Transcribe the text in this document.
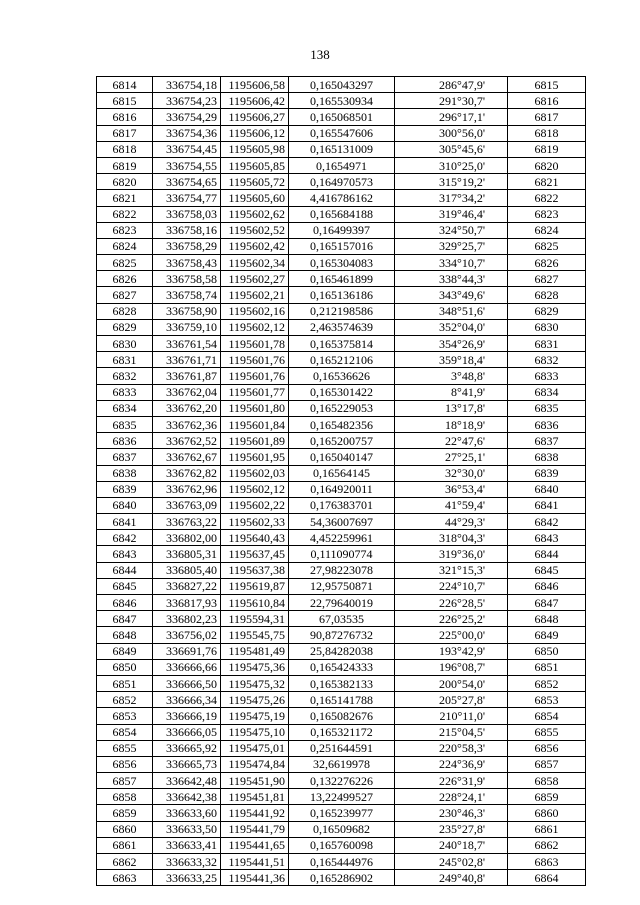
138
6814	336754,18	1195606,58	0,165043297	286°47,9'	6815
6815	336754,23	1195606,42	0,165530934	291°30,7'	6816
6816	336754,29	1195606,27	0,165068501	296°17,1'	6817
6817	336754,36	1195606,12	0,165547606	300°56,0'	6818
6818	336754,45	1195605,98	0,165131009	305°45,6'	6819
6819	336754,55	1195605,85	0,1654971	310°25,0'	6820
6820	336754,65	1195605,72	0,164970573	315°19,2'	6821
6821	336754,77	1195605,60	4,416786162	317°34,2'	6822
6822	336758,03	1195602,62	0,165684188	319°46,4'	6823
6823	336758,16	1195602,52	0,16499397	324°50,7'	6824
6824	336758,29	1195602,42	0,165157016	329°25,7'	6825
6825	336758,43	1195602,34	0,165304083	334°10,7'	6826
6826	336758,58	1195602,27	0,165461899	338°44,3'	6827
6827	336758,74	1195602,21	0,165136186	343°49,6'	6828
6828	336758,90	1195602,16	0,212198586	348°51,6'	6829
6829	336759,10	1195602,12	2,463574639	352°04,0'	6830
6830	336761,54	1195601,78	0,165375814	354°26,9'	6831
6831	336761,71	1195601,76	0,165212106	359°18,4'	6832
6832	336761,87	1195601,76	0,16536626	3°48,8'	6833
6833	336762,04	1195601,77	0,165301422	8°41,9'	6834
6834	336762,20	1195601,80	0,165229053	13°17,8'	6835
6835	336762,36	1195601,84	0,165482356	18°18,9'	6836
6836	336762,52	1195601,89	0,165200757	22°47,6'	6837
6837	336762,67	1195601,95	0,165040147	27°25,1'	6838
6838	336762,82	1195602,03	0,16564145	32°30,0'	6839
6839	336762,96	1195602,12	0,164920011	36°53,4'	6840
6840	336763,09	1195602,22	0,176383701	41°59,4'	6841
6841	336763,22	1195602,33	54,36007697	44°29,3'	6842
6842	336802,00	1195640,43	4,452259961	318°04,3'	6843
6843	336805,31	1195637,45	0,111090774	319°36,0'	6844
6844	336805,40	1195637,38	27,98223078	321°15,3'	6845
6845	336827,22	1195619,87	12,95750871	224°10,7'	6846
6846	336817,93	1195610,84	22,79640019	226°28,5'	6847
6847	336802,23	1195594,31	67,03535	226°25,2'	6848
6848	336756,02	1195545,75	90,87276732	225°00,0'	6849
6849	336691,76	1195481,49	25,84282038	193°42,9'	6850
6850	336666,66	1195475,36	0,165424333	196°08,7'	6851
6851	336666,50	1195475,32	0,165382133	200°54,0'	6852
6852	336666,34	1195475,26	0,165141788	205°27,8'	6853
6853	336666,19	1195475,19	0,165082676	210°11,0'	6854
6854	336666,05	1195475,10	0,165321172	215°04,5'	6855
6855	336665,92	1195475,01	0,251644591	220°58,3'	6856
6856	336665,73	1195474,84	32,6619978	224°36,9'	6857
6857	336642,48	1195451,90	0,132276226	226°31,9'	6858
6858	336642,38	1195451,81	13,22499527	228°24,1'	6859
6859	336633,60	1195441,92	0,165239977	230°46,3'	6860
6860	336633,50	1195441,79	0,16509682	235°27,8'	6861
6861	336633,41	1195441,65	0,165760098	240°18,7'	6862
6862	336633,32	1195441,51	0,165444976	245°02,8'	6863
6863	336633,25	1195441,36	0,165286902	249°40,8'	6864
